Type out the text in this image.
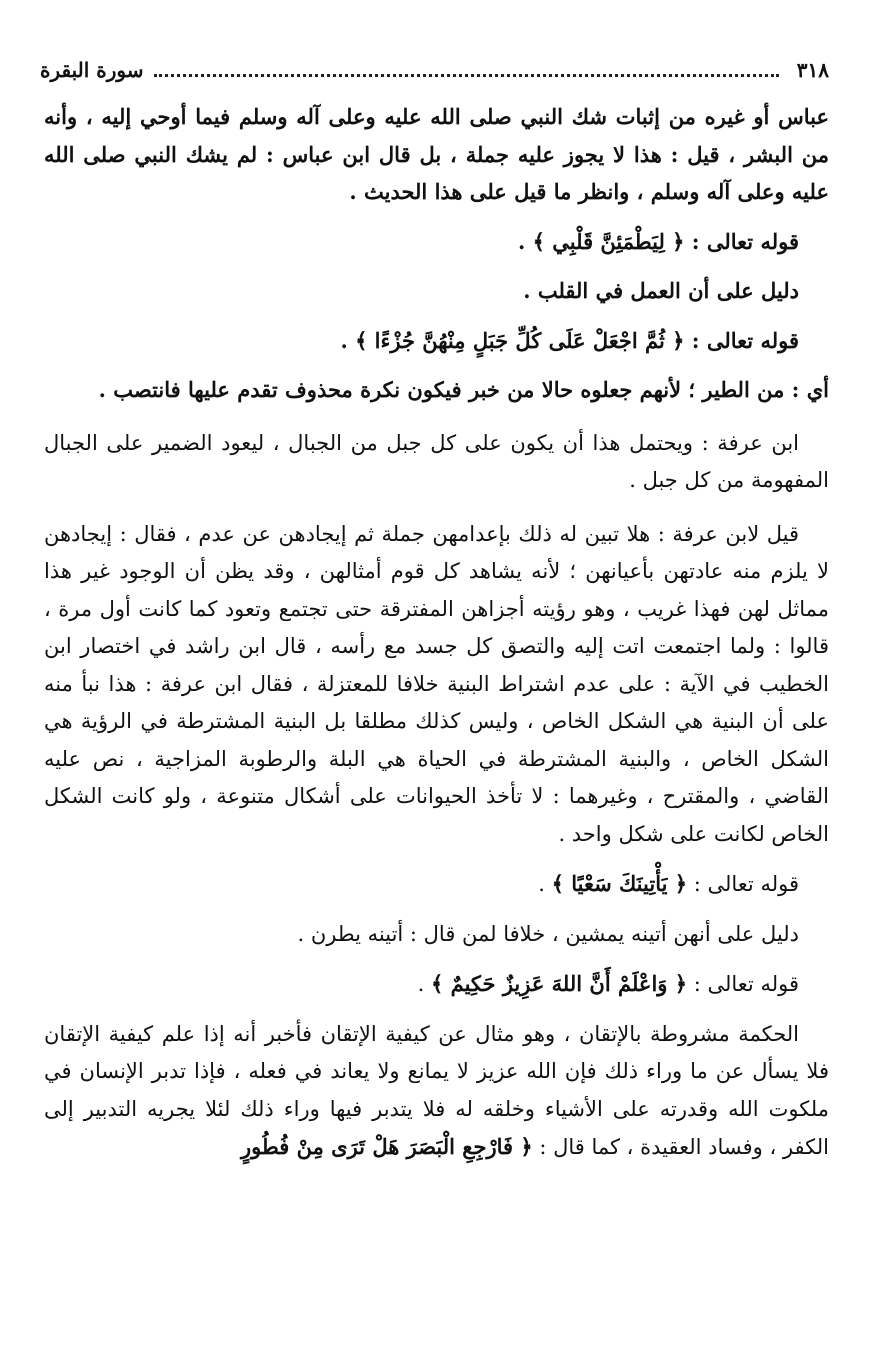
٣١٨
سورة البقرة

عباس أو غيره من إثبات شك النبي صلى الله عليه وعلى آله وسلم فيما أوحي إليه ، وأنه من البشر ، قيل : هذا لا يجوز عليه جملة ، بل قال ابن عباس : لم يشك النبي صلى الله عليه وعلى آله وسلم ، وانظر ما قيل على هذا الحديث .

قوله تعالى : ﴿ لِيَطْمَئِنَّ قَلْبِي ﴾ .

دليل على أن العمل في القلب .

قوله تعالى : ﴿ ثُمَّ اجْعَلْ عَلَى كُلِّ جَبَلٍ مِنْهُنَّ جُزْءًا ﴾ .

أي : من الطير ؛ لأنهم جعلوه حالا من خبر فيكون نكرة محذوف تقدم عليها فانتصب .

ابن عرفة : ويحتمل هذا أن يكون على كل جبل من الجبال ، ليعود الضمير على الجبال المفهومة من كل جبل .

قيل لابن عرفة : هلا تبين له ذلك بإعدامهن جملة ثم إيجادهن عن عدم ، فقال : إيجادهن لا يلزم منه عادتهن بأعيانهن ؛ لأنه يشاهد كل قوم أمثالهن ، وقد يظن أن الوجود غير هذا مماثل لهن فهذا غريب ، وهو رؤيته أجزاهن المفترقة حتى تجتمع وتعود كما كانت أول مرة ، قالوا : ولما اجتمعت اتت إليه والتصق كل جسد مع رأسه ، قال ابن راشد في اختصار ابن الخطيب في الآية : على عدم اشتراط البنية خلافا للمعتزلة ، فقال ابن عرفة : هذا نبأ منه على أن البنية هي الشكل الخاص ، وليس كذلك مطلقا بل البنية المشترطة في الرؤية هي الشكل الخاص ، والبنية المشترطة في الحياة هي البلة والرطوبة المزاجية ، نص عليه القاضي ، والمقترح ، وغيرهما : لا تأخذ الحيوانات على أشكال متنوعة ، ولو كانت الشكل الخاص لكانت على شكل واحد .

قوله تعالى : ﴿ يَأْتِينَكَ سَعْيًا ﴾ .

دليل على أنهن أتينه يمشين ، خلافا لمن قال : أتينه يطرن .

قوله تعالى : ﴿ وَاعْلَمْ أَنَّ اللهَ عَزِيزٌ حَكِيمٌ ﴾ .

الحكمة مشروطة بالإتقان ، وهو مثال عن كيفية الإتقان فأخبر أنه إذا علم كيفية الإتقان فلا يسأل عن ما وراء ذلك فإن الله عزيز لا يمانع ولا يعاند في فعله ، فإذا تدبر الإنسان في ملكوت الله وقدرته على الأشياء وخلقه له فلا يتدبر فيها وراء ذلك لئلا يجريه التدبير إلى الكفر ، وفساد العقيدة ، كما قال : ﴿ فَارْجِعِ الْبَصَرَ هَلْ تَرَى مِنْ فُطُورٍ
